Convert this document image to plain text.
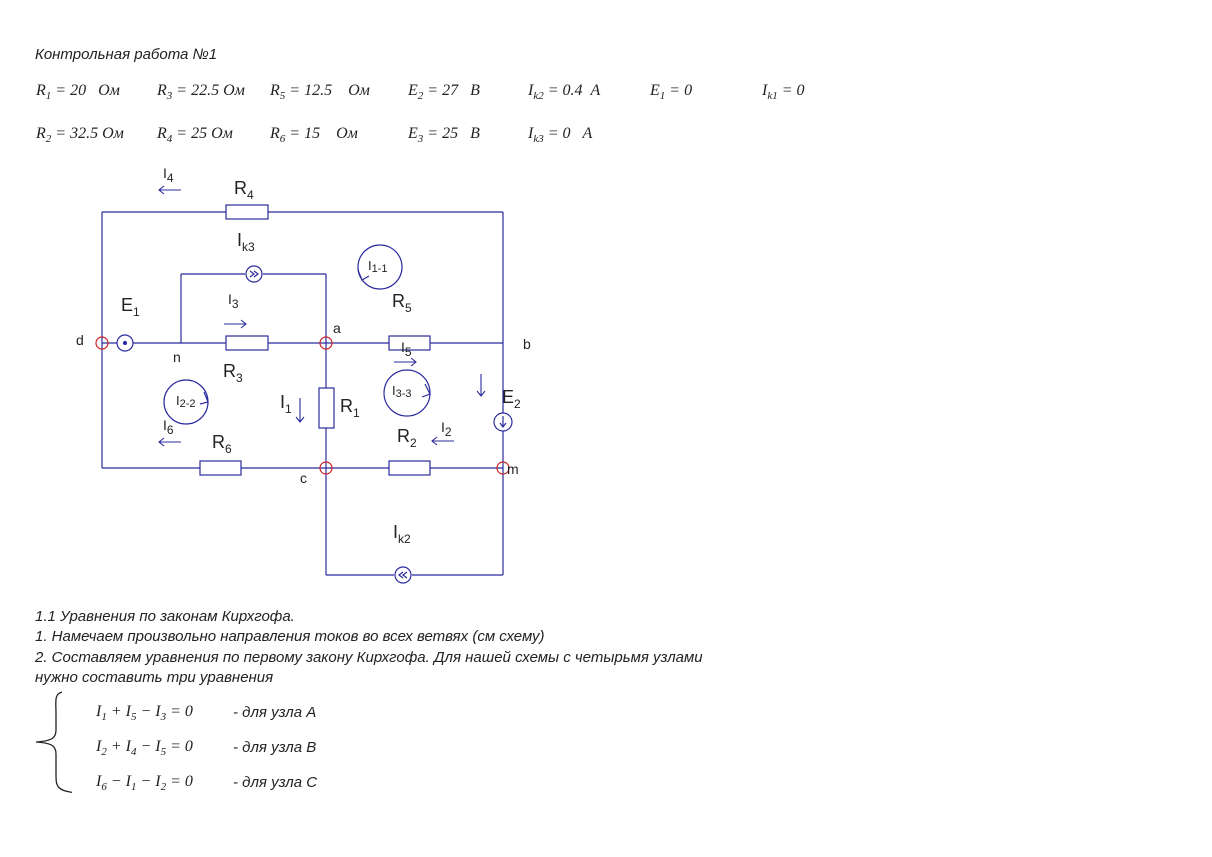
Контрольная работа №1
$R_1 = 20$ Ом $R_3 = 22.5$ Ом $R_5 = 12.5$ Ом $E_2 = 27$ В	$I_{k2} = 0.4$ А	$E_1 = 0$	$I_{k1} = 0$
$R_2 = 32.5$ Ом $R_4 = 25$ Ом $R_6 = 15$ Ом	$E_3 = 25$ В	$I_{k3} = 0$ А
I4	$R_4$
$I_{k3}$
I1-1
$E_1$
I3	$R_5$
I5
$R_3$
I2-2	$I_1$	$R_1$
I3-3	$E_2$
I6
$R_6$
$R_2$
I2
$I_{k2}$
d
n
a
b
c
m
1.1 Уравнения по законам Кирхгофа.
1. Намечаем произвольно направления токов во всех ветвях (см схему)
2. Составляем уравнения по первому закону Кирхгофа. Для нашей схемы с четырьмя узлами
нужно составить три уравнения
$I_1 + I_5 - I_3 = 0$	- для узла А
$I_2 + I_4 - I_5 = 0$	- для узла В
$I_6 - I_1 - I_2 = 0$	- для узла С
